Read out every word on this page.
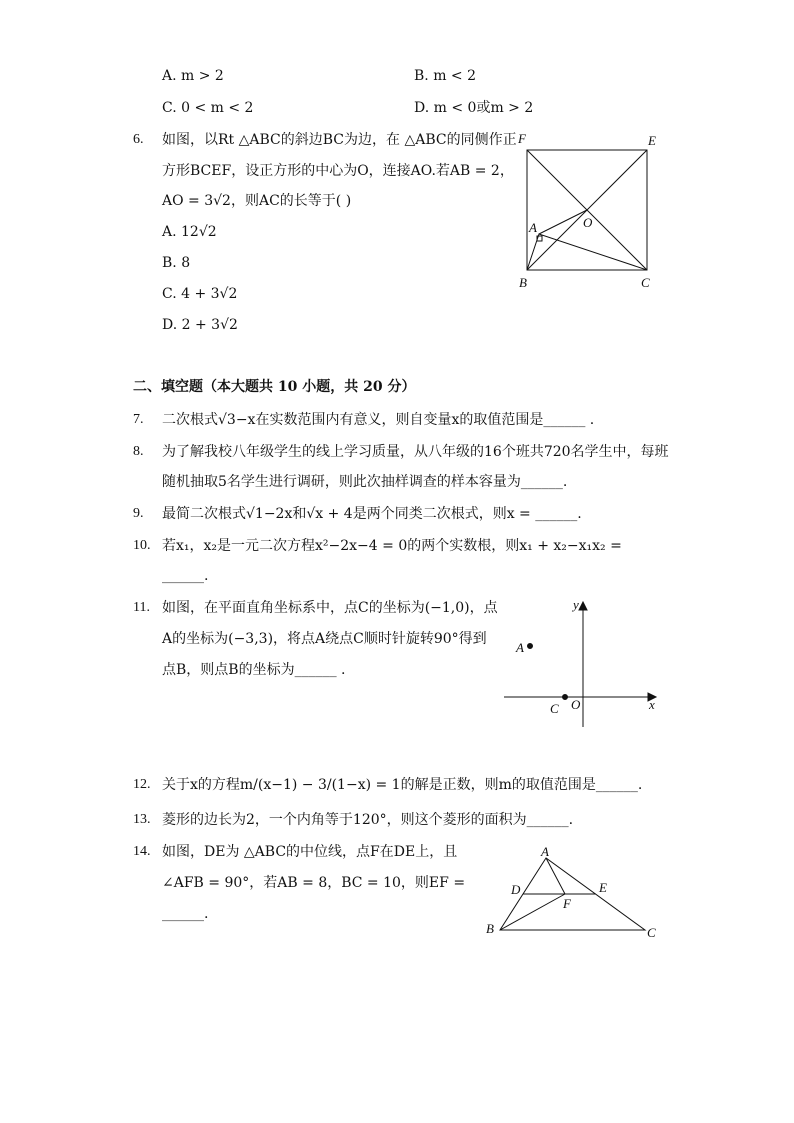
A. m > 2	B. m < 2
C. 0 < m < 2	D. m < 0或m > 2
6. 如图，以Rt △ABC的斜边BC为边，在 △ABC的同侧作正
方形BCEF，设正方形的中心为O，连接AO.若AB = 2，
AO = 3√2，则AC的长等于( )
A. 12√2
B. 8
C. 4 + 3√2
D. 2 + 3√2
F	E
A	O
B	C
二、填空题（本大题共 10 小题，共 20 分）
7. 二次根式√3−x在实数范围内有意义，则自变量x的取值范围是______ .
8. 为了解我校八年级学生的线上学习质量，从八年级的16个班共720名学生中，每班
随机抽取5名学生进行调研，则此次抽样调查的样本容量为______.
9. 最简二次根式√1−2x和√x + 4是两个同类二次根式，则x = ______.
10. 若x₁，x₂是一元二次方程x²−2x−4 = 0的两个实数根，则x₁ + x₂−x₁x₂ =
______.
11. 如图，在平面直角坐标系中，点C的坐标为(−1,0)，点
A的坐标为(−3,3)，将点A绕点C顺时针旋转90°得到
点B，则点B的坐标为______ .
y
x
A
C O
12. 关于x的方程m/(x−1) − 3/(1−x) = 1的解是正数，则m的取值范围是______.
13. 菱形的边长为2，一个内角等于120°，则这个菱形的面积为______.
14. 如图，DE为 △ABC的中位线，点F在DE上，且
∠AFB = 90°，若AB = 8，BC = 10，则EF =
______.
A
D	E
F
B	C
